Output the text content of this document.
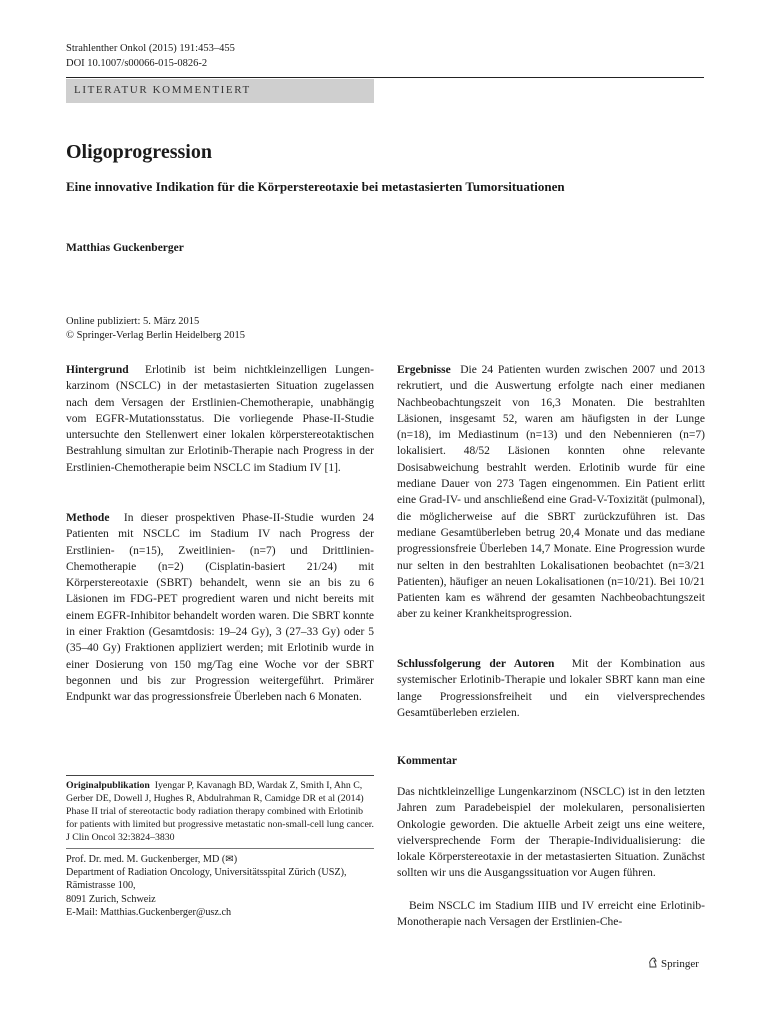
Strahlenther Onkol (2015) 191:453–455
DOI 10.1007/s00066-015-0826-2
LITERATUR KOMMENTIERT
Oligoprogression
Eine innovative Indikation für die Körperstereotaxie bei metastasierten Tumorsituationen
Matthias Guckenberger
Online publiziert: 5. März 2015
© Springer-Verlag Berlin Heidelberg 2015

Hintergrund Erlotinib ist beim nichtkleinzelligen Lungenkarzinom (NSCLC) in der metastasierten Situation zugelassen nach dem Versagen der Erstlinien-Chemotherapie, unabhängig vom EGFR-Mutationsstatus. Die vorliegende Phase-II-Studie untersuchte den Stellenwert einer lokalen körperstereotaktischen Bestrahlung simultan zur Erlotinib-Therapie nach Progress in der Erstlinien-Chemotherapie beim NSCLC im Stadium IV [1].

Methode In dieser prospektiven Phase-II-Studie wurden 24 Patienten mit NSCLC im Stadium IV nach Progress der Erstlinien- (n=15), Zweitlinien- (n=7) und Drittlinien-Chemotherapie (n=2) (Cisplatin-basiert 21/24) mit Körperstereotaxie (SBRT) behandelt, wenn sie an bis zu 6 Läsionen im FDG-PET progredient waren und nicht bereits mit einem EGFR-Inhibitor behandelt worden waren. Die SBRT konnte in einer Fraktion (Gesamtdosis: 19–24 Gy), 3 (27–33 Gy) oder 5 (35–40 Gy) Fraktionen appliziert werden; mit Erlotinib wurde in einer Dosierung von 150 mg/Tag eine Woche vor der SBRT begonnen und bis zur Progression weitergeführt. Primärer Endpunkt war das progressionsfreie Überleben nach 6 Monaten.

Originalpublikation Iyengar P, Kavanagh BD, Wardak Z, Smith I, Ahn C, Gerber DE, Dowell J, Hughes R, Abdulrahman R, Camidge DR et al (2014) Phase II trial of stereotactic body radiation therapy combined with Erlotinib for patients with limited but progressive metastatic non-small-cell lung cancer. J Clin Oncol 32:3824–3830
Prof. Dr. med. M. Guckenberger, MD (✉)
Department of Radiation Oncology, Universitätsspital Zürich (USZ),
Rämistrasse 100,
8091 Zurich, Schweiz
E-Mail: Matthias.Guckenberger@usz.ch

Ergebnisse Die 24 Patienten wurden zwischen 2007 und 2013 rekrutiert, und die Auswertung erfolgte nach einer medianen Nachbeobachtungszeit von 16,3 Monaten. Die bestrahlten Läsionen, insgesamt 52, waren am häufigsten in der Lunge (n=18), im Mediastinum (n=13) und den Nebennieren (n=7) lokalisiert. 48/52 Läsionen konnten ohne relevante Dosisabweichung bestrahlt werden. Erlotinib wurde für eine mediane Dauer von 273 Tagen eingenommen. Ein Patient erlitt eine Grad-IV- und anschließend eine Grad-V-Toxizität (pulmonal), die möglicherweise auf die SBRT zurückzuführen ist. Das mediane Gesamtüberleben betrug 20,4 Monate und das mediane progressionsfreie Überleben 14,7 Monate. Eine Progression wurde nur selten in den bestrahlten Lokalisationen beobachtet (n=3/21 Patienten), häufiger an neuen Lokalisationen (n=10/21). Bei 10/21 Patienten kam es während der gesamten Nachbeobachtungszeit aber zu keiner Krankheitsprogression.

Schlussfolgerung der Autoren Mit der Kombination aus systemischer Erlotinib-Therapie und lokaler SBRT kann man eine lange Progressionsfreiheit und ein vielversprechendes Gesamtüberleben erzielen.

Kommentar

Das nichtkleinzellige Lungenkarzinom (NSCLC) ist in den letzten Jahren zum Paradebeispiel der molekularen, personalisierten Onkologie geworden. Die aktuelle Arbeit zeigt uns eine weitere, vielversprechende Form der Therapie-Individualisierung: die lokale Körperstereotaxie in der metastasierten Situation. Zunächst sollten wir uns die Ausgangssituation vor Augen führen.

Beim NSCLC im Stadium IIIB und IV erreicht eine Erlotinib-Monotherapie nach Versagen der Erstlinien-Che-

Springer
